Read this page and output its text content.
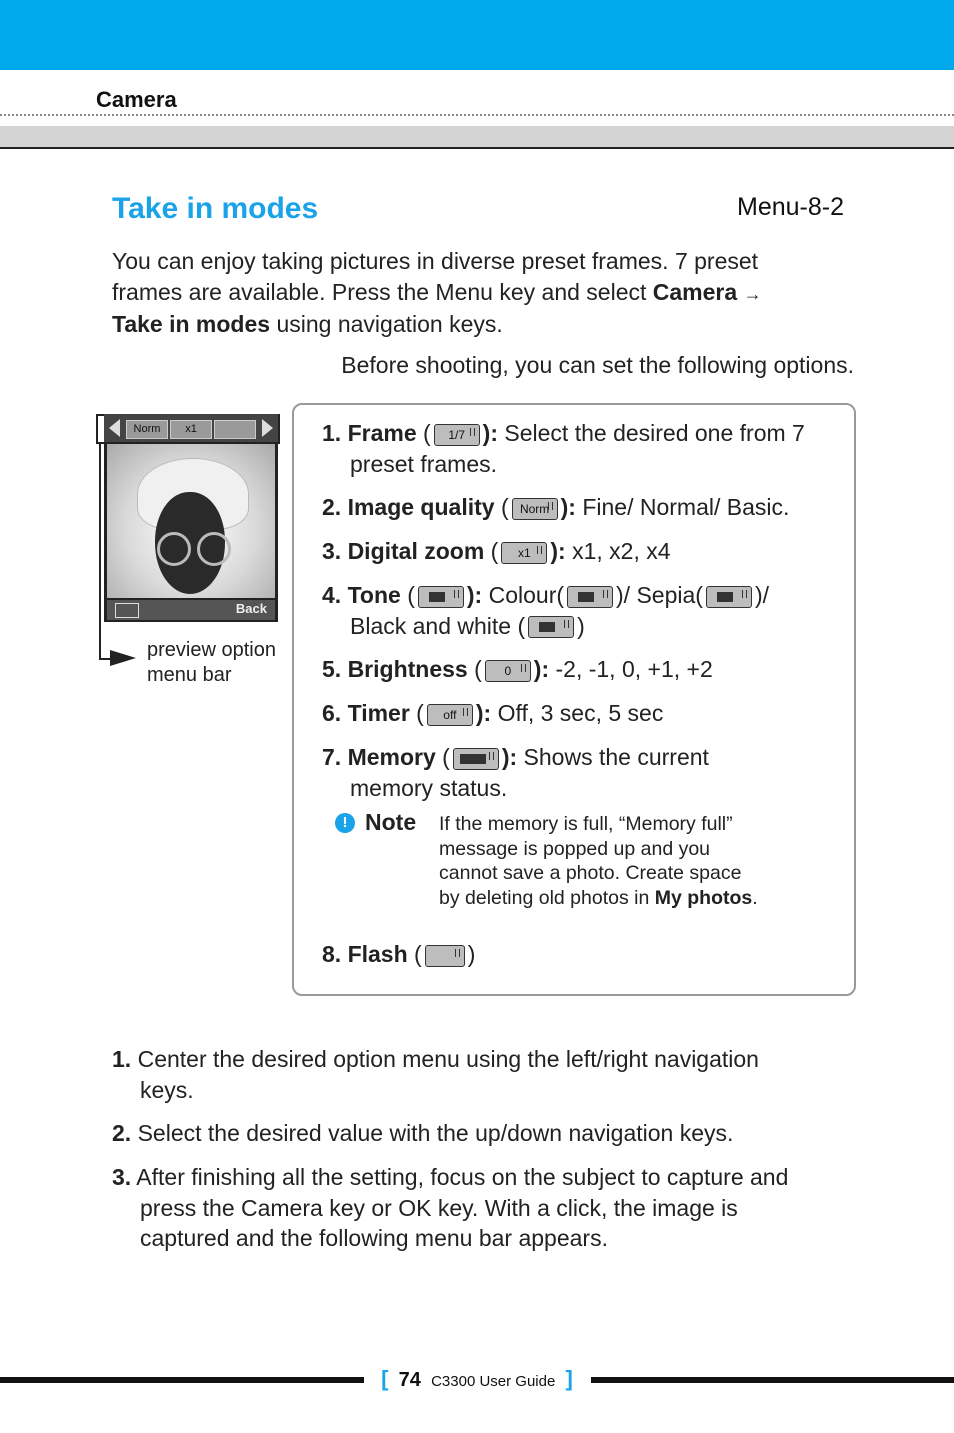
Camera
Take in modes	Menu-8-2
You can enjoy taking pictures in diverse preset frames. 7 preset frames are available. Press the Menu key and select Camera →
Take in modes using navigation keys.
Before shooting, you can set the following options.
Norm	x1
Back
preview option
menu bar
1. Frame ( 1/7 ): Select the desired one from 7
preset frames.
2. Image quality ( Norm ): Fine/ Normal/ Basic.
3. Digital zoom ( x1 ): x1, x2, x4
4. Tone ( ): Colour( )/ Sepia( )/
Black and white ( )
5. Brightness ( 0 ): -2, -1, 0, +1, +2
6. Timer ( off ): Off, 3 sec, 5 sec
7. Memory ( ): Shows the current
memory status.
! Note If the memory is full, “Memory full”
message is popped up and you
cannot save a photo. Create space
by deleting old photos in My photos.
8. Flash ( )
1. Center the desired option menu using the left/right navigation
keys.
2. Select the desired value with the up/down navigation keys.
3. After finishing all the setting, focus on the subject to capture and
press the Camera key or OK key. With a click, the image is
captured and the following menu bar appears.
[ 74 C3300 User Guide ]
